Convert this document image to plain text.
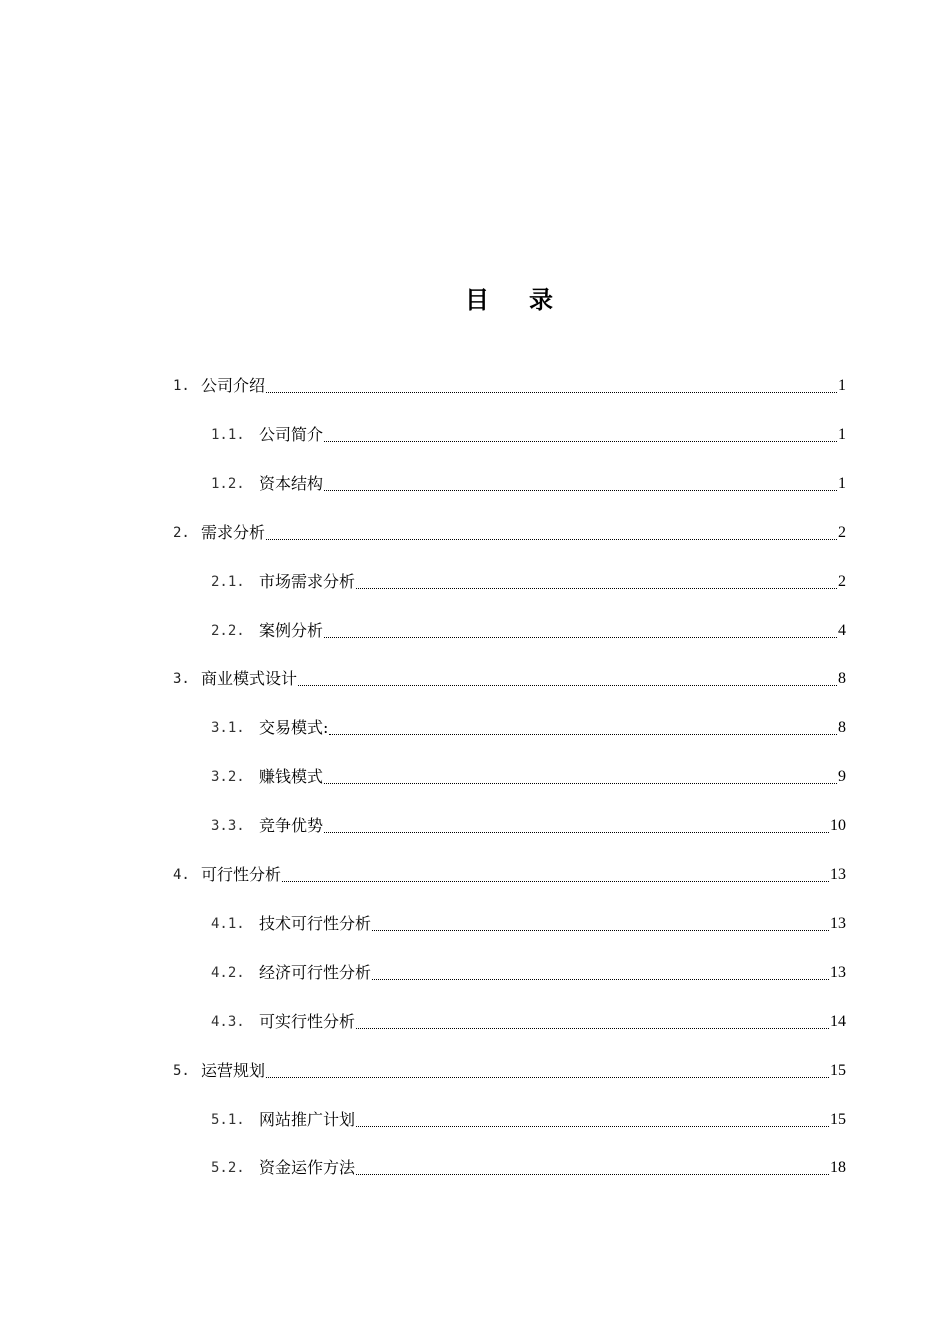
目 录
1. 公司介绍	1
1.1. 公司简介	1
1.2. 资本结构	1
2. 需求分析	2
2.1. 市场需求分析	2
2.2. 案例分析	4
3. 商业模式设计	8
3.1. 交易模式:	8
3.2. 赚钱模式	9
3.3. 竞争优势	10
4. 可行性分析	13
4.1. 技术可行性分析	13
4.2. 经济可行性分析	13
4.3. 可实行性分析	14
5. 运营规划	15
5.1. 网站推广计划	15
5.2. 资金运作方法	18
